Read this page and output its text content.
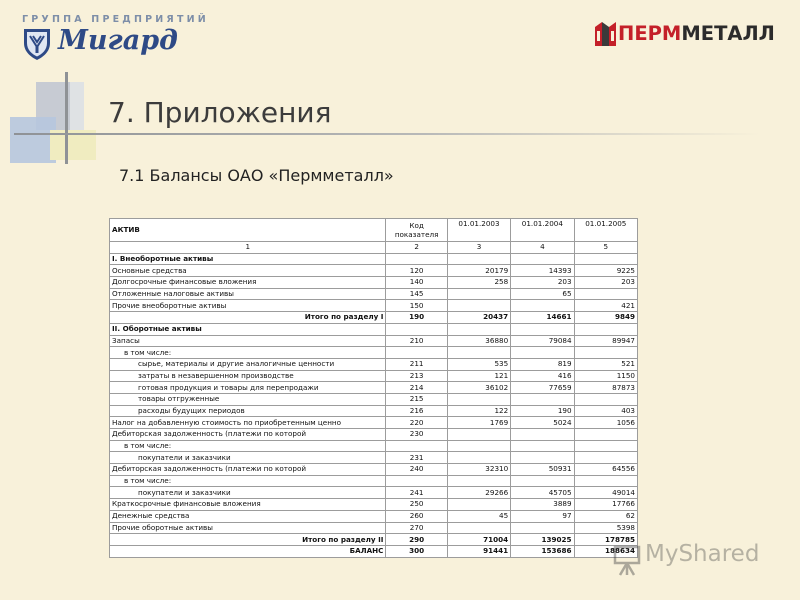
ГРУППА ПРЕДПРИЯТИЙ
Мигард	ПЕРММЕТАЛЛ
7. Приложения
7.1 Балансы ОАО «Пермметалл»
АКТИВ	Код показателя	01.01.2003	01.01.2004	01.01.2005
1	2	3	4	5
I. Внеоборотные активы				
Основные средства	120	20179	14393	9225
Долгосрочные финансовые вложения	140	258	203	203
Отложенные налоговые активы	145		65	
Прочие внеоборотные активы	150			421
Итого по разделу I	190	20437	14661	9849
II. Оборотные активы				
Запасы	210	36880	79084	89947
в том числе:				
сырье, материалы и другие аналогичные ценности	211	535	819	521
затраты в незавершенном производстве	213	121	416	1150
готовая продукция и товары для перепродажи	214	36102	77659	87873
товары отгруженные	215			
расходы будущих периодов	216	122	190	403
Налог на добавленную стоимость по приобретенным ценно	220	1769	5024	1056
Дебиторская задолженность (платежи по которой	230			
в том числе:				
покупатели и заказчики	231			
Дебиторская задолженность (платежи по которой	240	32310	50931	64556
в том числе:				
покупатели и заказчики	241	29266	45705	49014
Краткосрочные финансовые вложения	250		3889	17766
Денежные средства	260	45	97	62
Прочие оборотные активы	270			5398
Итого по разделу II	290	71004	139025	178785
БАЛАНС	300	91441	153686	188634 MyShared
